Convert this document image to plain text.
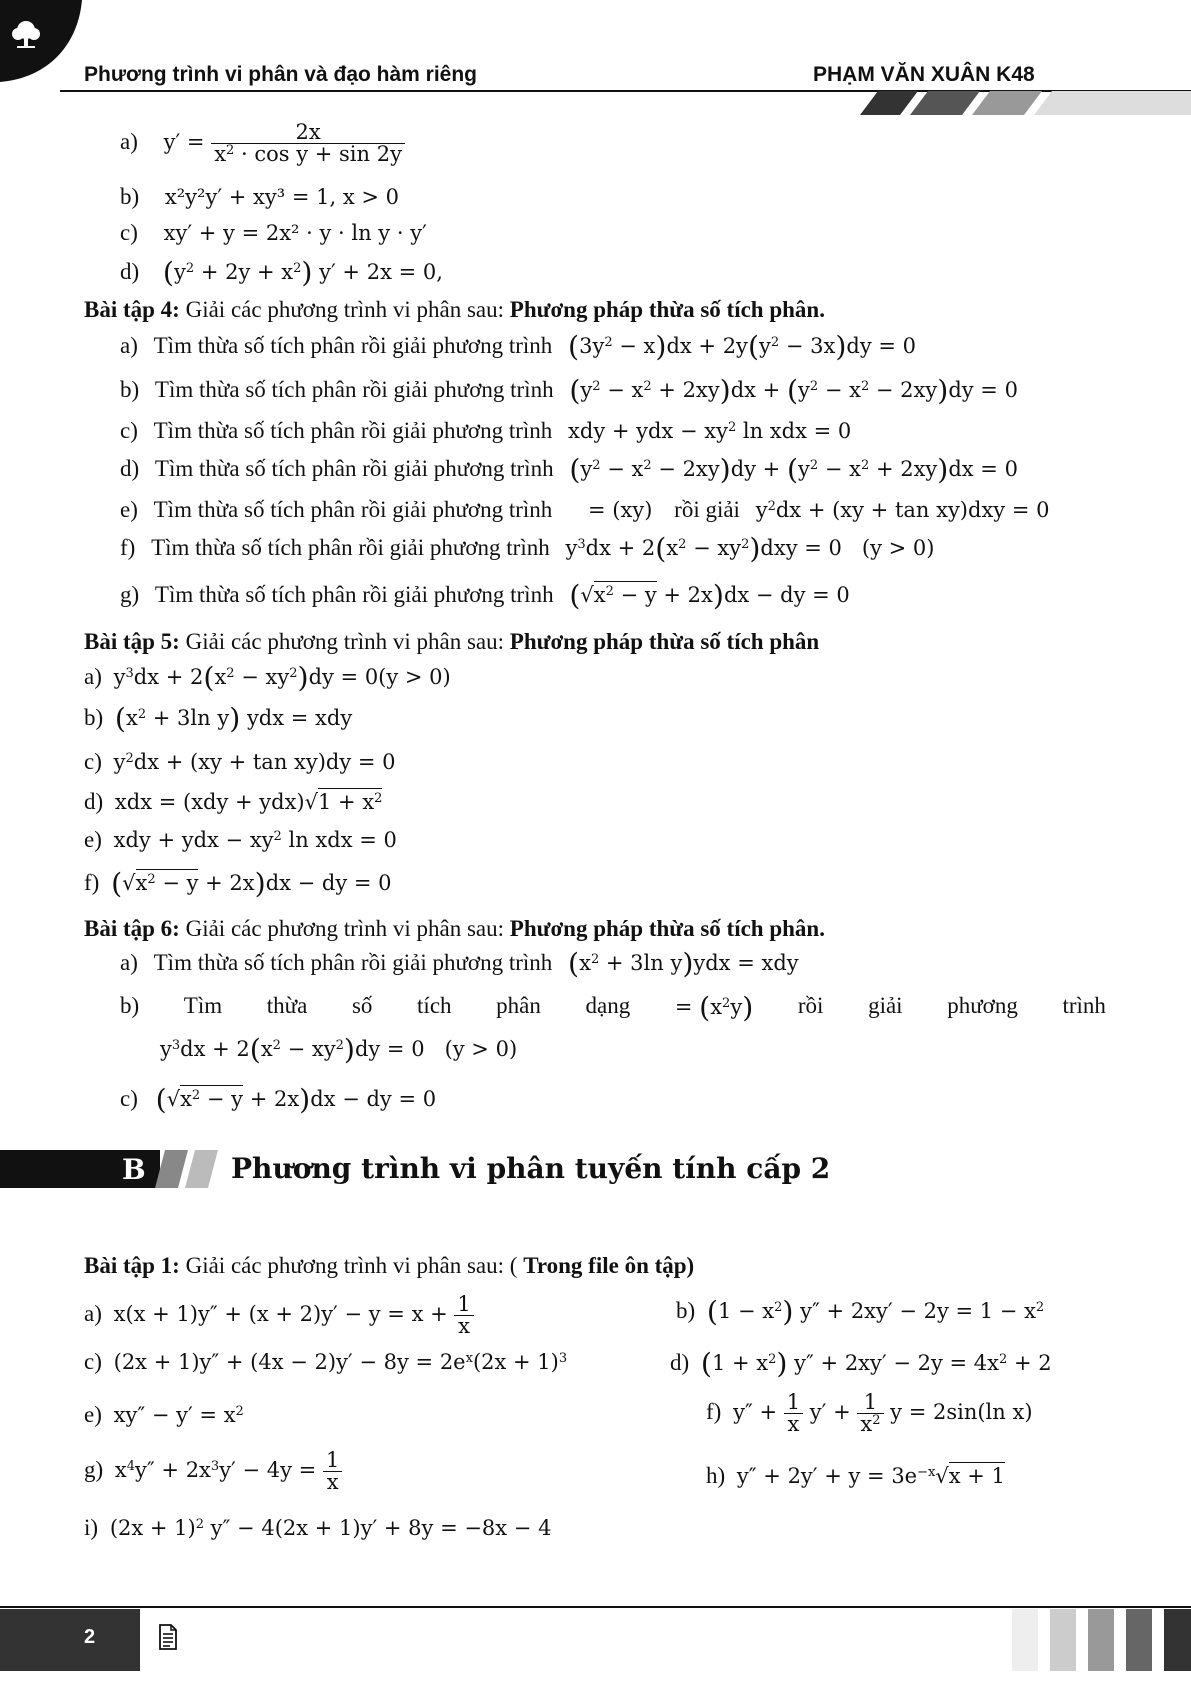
Phương trình vi phân và đạo hàm riêng	PHẠM VĂN XUÂN K48
a) $y' = \frac{2x}{x^2 \cdot \cos y + \sin 2y}$
b) x²y²y′ + xy³ = 1, x > 0
c) xy′ + y = 2x² · y · ln y · y′
d) $(y^2 + 2y + x^2) y' + 2x = 0$,
Bài tập 4: Giải các phương trình vi phân sau: Phương pháp thừa số tích phân.
a) Tìm thừa số tích phân rồi giải phương trình $(3y^2 - x)dx + 2y(y^2 - 3x)dy = 0$
b) Tìm thừa số tích phân rồi giải phương trình $(y^2 - x^2 + 2xy)dx + (y^2 - x^2 - 2xy)dy = 0$
c) Tìm thừa số tích phân rồi giải phương trình xdy + ydx − $xy^2$ ln xdx = 0
d) Tìm thừa số tích phân rồi giải phương trình $(y^2 - x^2 - 2xy)dy + (y^2 - x^2 + 2xy)dx = 0$
e) Tìm thừa số tích phân rồi giải phương trình = (xy) rồi giải $y^2dx + (xy + \tan xy)dxy = 0$
f) Tìm thừa số tích phân rồi giải phương trình $y^3dx + 2(x^2 - xy^2)dxy = 0$   (y > 0)
g) Tìm thừa số tích phân rồi giải phương trình $(√x^2 - y + 2x)dx$ − dy = 0
Bài tập 5: Giải các phương trình vi phân sau: Phương pháp thừa số tích phân
a) $y^3dx + 2(x^2 - xy^2)dy = 0(y > 0)$
b) ($x^2 + 3\ln$ y) ydx = xdy
c) $y^2dx + (xy + \tan xy)dy = 0$
d) xdx = $(xdy + ydx)√1 + x^2$
e) xdy + ydx − $xy^2$ ln xdx = 0
f) $(√x^2 - y + 2x)dx$ − dy = 0
Bài tập 6: Giải các phương trình vi phân sau: Phương pháp thừa số tích phân.
a) Tìm thừa số tích phân rồi giải phương trình ($x^2 + 3\ln$ y)ydx = xdy
b) Tìm thừa số tích phân dạng = $(x^2y)$ rồi giải phương trình
$y^3dx + 2(x^2 - xy^2)dy = 0$   (y > 0)
c) $(√x^2 - y + 2x)dx$ − dy = 0
B	Phương trình vi phân tuyến tính cấp 2
Bài tập 1: Giải các phương trình vi phân sau: ( Trong file ôn tập)
a) $x(x + 1)y'' + (x + 2)y' - y = x + \frac{1}{x}$	b) $(1 - x^2)$ $y'' + 2xy' - 2y = 1 - x^2$
c) $(2x + 1)y'' + (4x - 2)y' - 8y = 2e^x(2x + 1)^3$	d) $(1 + x^2)$ $y'' + 2xy' - 2y = 4x^2 + 2$
e) $xy'' - y' = x^2$	f) $y'' + \frac{1}{x} y' + \frac{1}{x^2}$ y = 2sin(ln x)
g) $x^4y'' + 2x^3y' - 4y = \frac{1}{x}$	h) $y'' + 2y' + y = 3e^{-x}√x + 1$
i) $(2x + 1)^2$ y″ − 4(2x + 1)y′ + 8y = −8x − 4
2
